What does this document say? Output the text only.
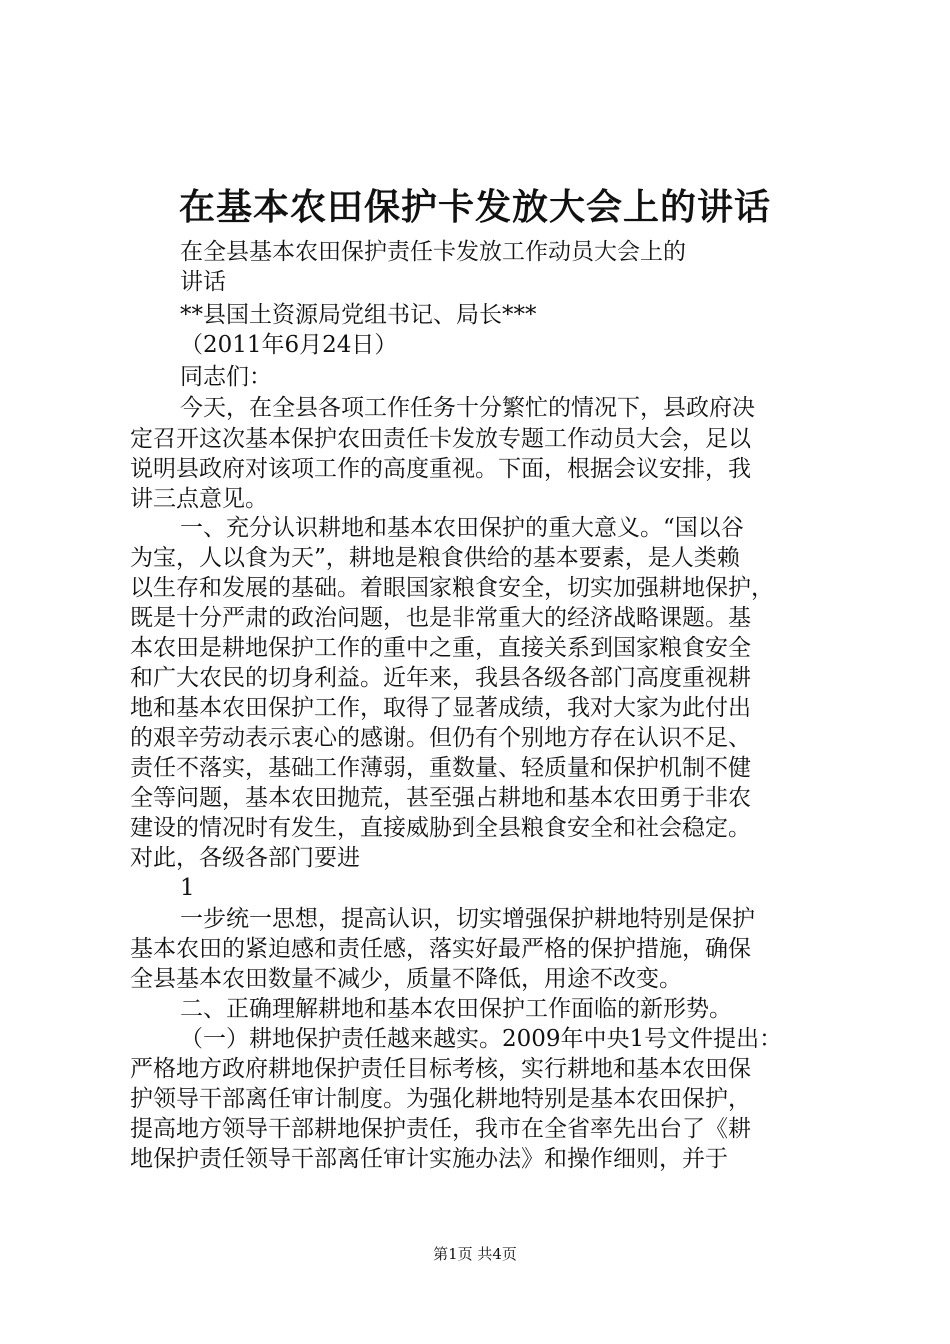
在基本农田保护卡发放大会上的讲话
在全县基本农田保护责任卡发放工作动员大会上的
讲话
**县国土资源局党组书记、局长***
（2011年6月24日）
同志们：
今天，在全县各项工作任务十分繁忙的情况下，县政府决
定召开这次基本保护农田责任卡发放专题工作动员大会，足以
说明县政府对该项工作的高度重视。下面，根据会议安排，我
讲三点意见。
一、充分认识耕地和基本农田保护的重大意义。“国以谷
为宝，人以食为天”，耕地是粮食供给的基本要素，是人类赖
以生存和发展的基础。着眼国家粮食安全，切实加强耕地保护，
既是十分严肃的政治问题，也是非常重大的经济战略课题。基
本农田是耕地保护工作的重中之重，直接关系到国家粮食安全
和广大农民的切身利益。近年来，我县各级各部门高度重视耕
地和基本农田保护工作，取得了显著成绩，我对大家为此付出
的艰辛劳动表示衷心的感谢。但仍有个别地方存在认识不足、
责任不落实，基础工作薄弱，重数量、轻质量和保护机制不健
全等问题，基本农田抛荒，甚至强占耕地和基本农田勇于非农
建设的情况时有发生，直接威胁到全县粮食安全和社会稳定。
对此，各级各部门要进
1
一步统一思想，提高认识，切实增强保护耕地特别是保护
基本农田的紧迫感和责任感，落实好最严格的保护措施，确保
全县基本农田数量不减少，质量不降低，用途不改变。
二、正确理解耕地和基本农田保护工作面临的新形势。
（一）耕地保护责任越来越实。2009年中央1号文件提出：
严格地方政府耕地保护责任目标考核，实行耕地和基本农田保
护领导干部离任审计制度。为强化耕地特别是基本农田保护，
提高地方领导干部耕地保护责任，我市在全省率先出台了《耕
地保护责任领导干部离任审计实施办法》和操作细则，并于
第1页 共4页
